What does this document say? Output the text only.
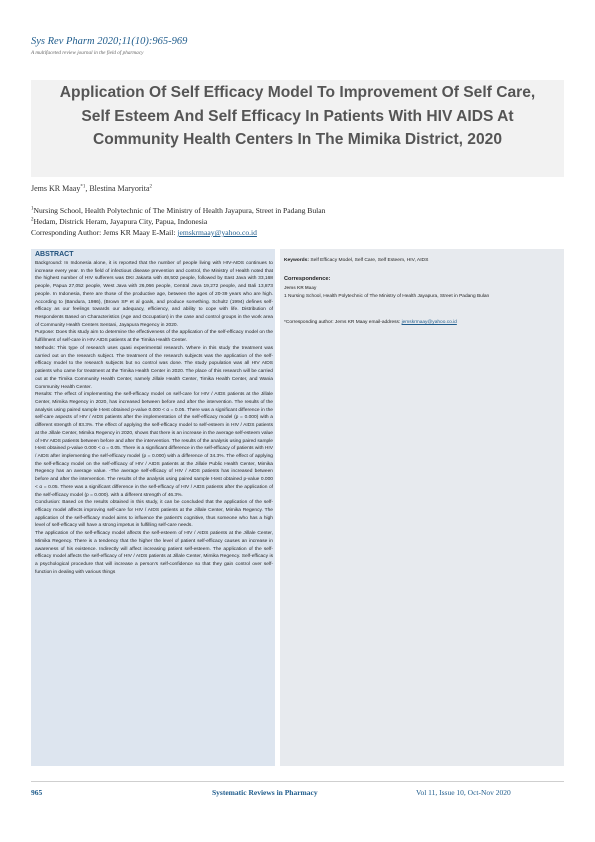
Sys Rev Pharm 2020;11(10):965-969
A multifaceted review journal in the field of pharmacy
Application Of Self Efficacy Model To Improvement Of Self Care, Self Esteem And Self Efficacy In Patients With HIV AIDS At Community Health Centers In The Mimika District, 2020
Jems KR Maay$^{*1}$, Blestina Maryorita$^2$
$^1$Nursing School, Health Polytechnic of The Ministry of Health Jayapura, Street in Padang Bulan
$^2$Hedam, Districk Heram, Jayapura City, Papua, Indonesia
Corresponding Author: Jems KR Maay E-Mail: jemskrmaay@yahoo.co.id
ABSTRACT

Background: In Indonesia alone, it is reported that the number of people living with HIV-AIDS continues to increase every year. In the field of infectious disease prevention and control, the Ministry of Health noted that the highest number of HIV sufferers was DKI Jakarta with 48,502 people, followed by East Java with 33,168 people, Papua 27,052 people, West Java with 26,066 people, Central Java 19,272 people, and Bali 13,873 people. In Indonesia, there are those of the productive age, between the ages of 20-39 years who are high. According to (Bandura, 1986), (Brown SP et al goals, and produce something. Schultz (1994) defines self-efficacy as our feelings towards our adequacy, efficiency, and ability to cope with life. Distribution of Respondents Based on Characteristics (Age and Occupation) in the case and control groups in the work area of Community Health Centers Sentani, Jayapura Regency in 2020.

Purpose: Does this study aim to determine the effectiveness of the application of the self-efficacy model on the fulfillment of self-care in HIV AIDS patients at the Timika Health Center.

Methods: This type of research uses quasi experimental research. Where in this study the treatment was carried out on the research subject. The treatment of the research subjects was the application of the self-efficacy model to the research subjects but no control was done. The study population was all HIV AIDS patients who came for treatment at the Timika Health Center in 2020. The place of this research will be carried out at the Timika Community Health Center, namely Jillale Health Center, Timika Health Center, and Wania Community Health Center.

Results: The effect of implementing the self-efficacy model on self-care for HIV / AIDS patients at the Jillale Center, Mimika Regency in 2020, has increased between before and after the intervention. The results of the analysis using paired sample t-test obtained p-value 0.000 < α = 0.05. There was a significant difference in the self-care aspects of HIV / AIDS patients after the implementation of the self-efficacy model (p = 0.000) with a different strength of 83.3%. The effect of applying the self-efficacy model to self-esteem in HIV / AIDS patients at the Jillale Center, Mimika Regency in 2020, shows that there is an increase in the average self-esteem value of HIV AIDS patients between before and after the intervention. The results of the analysis using paired sample t-test obtained p-value 0.000 < α = 0.05. There is a significant difference in the self-efficacy of patients with HIV / AIDS after implementing the self-efficacy model (p = 0.000) with a difference of 34.3%. The effect of applying the self-efficacy model on the self-efficacy of HIV / AIDS patients at the Jillale Public Health Center, Mimika Regency has an average value. -The average self-efficacy of HIV / AIDS patients has increased between before and after the intervention. The results of the analysis using paired sample t-test obtained p-value 0.000 < α = 0.05. There was a significant difference in the self-efficacy of HIV / AIDS patients after the application of the self-efficacy model (p = 0.000). with a different strength of 46.3%.

Conclusion: Based on the results obtained in this study, it can be concluded that the application of the self-efficacy model affects improving self-care for HIV / AIDS patients at the Jillale Center, Mimika Regency. The application of the self-efficacy model aims to influence the patient's cognitive, thus someone who has a high level of self-efficacy will have a strong impetus in fulfilling self-care needs.

The application of the self-efficacy model affects the self-esteem of HIV / AIDS patients at the Jillale Center, Mimika Regency. There is a tendency that the higher the level of patient self-efficacy causes an increase in awareness of his existence. Indirectly will affect increasing patient self-esteem. The application of the self-efficacy model affects the self-efficacy of HIV / AIDS patients at Jillale Center, Mimika Regency. Self-efficacy is a psychological procedure that will increase a person's self-confidence so that they gain control over self-function in dealing with various things

Keywords: Self Efficacy Model, Self Care, Self Esteem, HIV, AIDS
Correspondence:
Jems KR Maay
1 Nursing School, Health Polytechnic of The Ministry of Health Jayapura, Street in Padang Bulan
*Corresponding author: Jems KR Maay email-address: jemskrmaay@yahoo.co.id
965	Systematic Reviews in Pharmacy	Vol 11, Issue 10, Oct-Nov 2020
